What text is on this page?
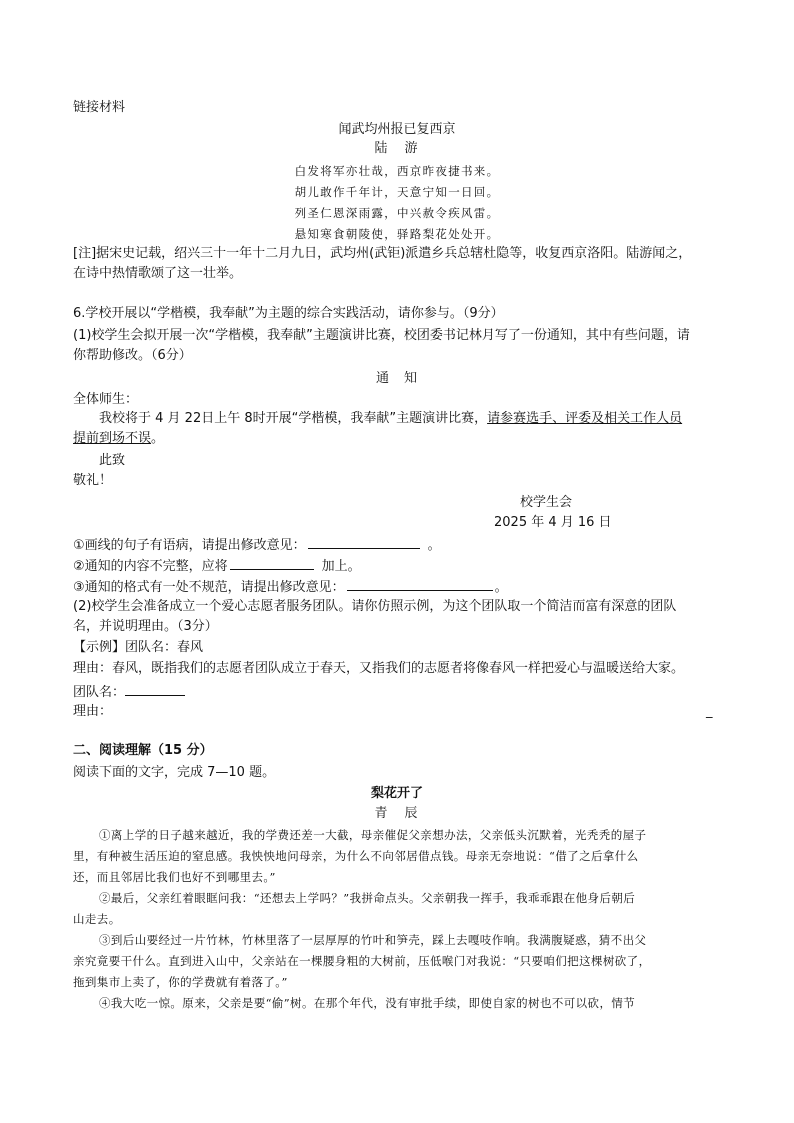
链接材料
闻武均州报已复西京
陆　游
白发将军亦壮哉，西京昨夜捷书来。
胡儿敢作千年计，天意宁知一日回。
列圣仁恩深雨露，中兴赦令疾风雷。
悬知寒食朝陵使，驿路梨花处处开。
[注]据宋史记载，绍兴三十一年十二月九日，武均州(武钜)派遣乡兵总辖杜隐等，收复西京洛阳。陆游闻之，
在诗中热情歌颂了这一壮举。
6.学校开展以“学楷模，我奉献”为主题的综合实践活动，请你参与。（9分）
(1)校学生会拟开展一次“学楷模，我奉献”主题演讲比赛，校团委书记林月写了一份通知，其中有些问题，请
你帮助修改。（6分）
通　知
全体师生：
我校将于 4 月 22日上午 8时开展“学楷模，我奉献”主题演讲比赛，请参赛选手、评委及相关工作人员
提前到场不误。
此致
敬礼！
校学生会
2025 年 4 月 16 日
①画线的句子有语病，请提出修改意见：	。
②通知的内容不完整，应将	加上。
③通知的格式有一处不规范，请提出修改意见：	。
(2)校学生会准备成立一个爱心志愿者服务团队。请你仿照示例，为这个团队取一个简洁而富有深意的团队
名，并说明理由。（3分）
【示例】团队名：春风
理由：春风，既指我们的志愿者团队成立于春天，又指我们的志愿者将像春风一样把爱心与温暖送给大家。
团队名：
理由：	_
二、阅读理解（15 分）
阅读下面的文字，完成 7—10 题。
梨花开了
青　辰
①离上学的日子越来越近，我的学费还差一大截，母亲催促父亲想办法，父亲低头沉默着，光秃秃的屋子
里，有种被生活压迫的窒息感。我怏怏地问母亲，为什么不向邻居借点钱。母亲无奈地说：“借了之后拿什么
还，而且邻居比我们也好不到哪里去。”
②最后，父亲红着眼眶问我：“还想去上学吗？”我拼命点头。父亲朝我一挥手，我乖乖跟在他身后朝后
山走去。
③到后山要经过一片竹林，竹林里落了一层厚厚的竹叶和笋壳，踩上去嘎吱作响。我满腹疑惑，猜不出父
亲究竟要干什么。直到进入山中，父亲站在一棵腰身粗的大树前，压低喉门对我说：“只要咱们把这棵树砍了，
拖到集市上卖了，你的学费就有着落了。”
④我大吃一惊。原来，父亲是要“偷”树。在那个年代，没有审批手续，即使自家的树也不可以砍，情节
